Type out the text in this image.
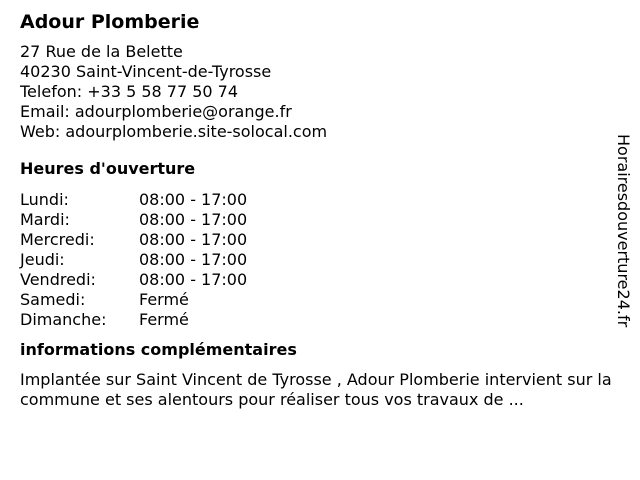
Adour Plomberie
27 Rue de la Belette
40230 Saint-Vincent-de-Tyrosse
Telefon: +33 5 58 77 50 74
Email: adourplomberie@orange.fr
Web: adourplomberie.site-solocal.com
Heures d'ouverture
Lundi:	08:00 - 17:00
Mardi:	08:00 - 17:00
Mercredi:	08:00 - 17:00
Jeudi:	08:00 - 17:00
Vendredi:	08:00 - 17:00
Samedi:	Fermé
Dimanche:	Fermé
informations complémentaires
Implantée sur Saint Vincent de Tyrosse , Adour Plomberie intervient sur la commune et ses alentours pour réaliser tous vos travaux de ...
Horairesdouverture24.fr
